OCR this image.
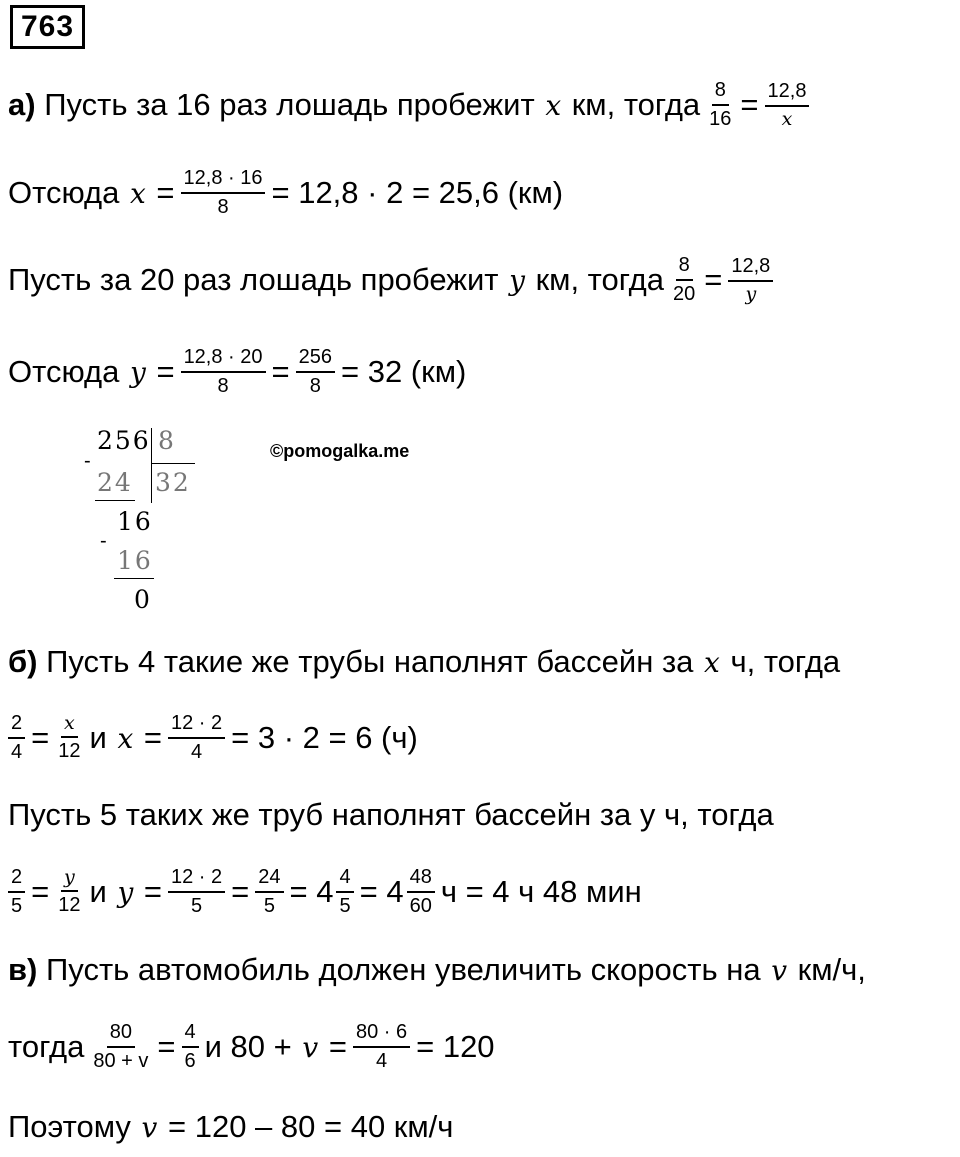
763
а)
Пусть за 16 раз лошадь пробежит
x
км, тогда $\frac{8}{16} = \frac{12,8}{x}$
Отсюда
x
= $\frac{12,8 \cdot 16}{8} = 12,8 \cdot 2 = 25,6$ (км)
Пусть за 20 раз лошадь пробежит
y
км, тогда $\frac{8}{20} = \frac{12,8}{y}$
Отсюда
y
= $\frac{12,8 \cdot 20}{8} = \frac{256}{8} = 32$ (км)
256 8
32
-
24
16
-
16
0
©pomogalka.me
б)
Пусть 4 такие же трубы наполнят бассейн за
x
ч, тогда
$\frac{2}{4} = \frac{x}{12}$ и
x
= $\frac{12 \cdot 2}{4} = 3 \cdot 2 = 6$ (ч)
Пусть 5 таких же труб наполнят бассейн за у ч, тогда
$\frac{2}{5} = \frac{y}{12}$ и
y
= $\frac{12 \cdot 2}{5} = \frac{24}{5} = 4 \frac{4}{5} = 4 \frac{48}{60}$ ч = 4 ч 48 мин
в)
Пусть автомобиль должен увеличить скорость на
v
км/ч,
тогда $\frac{80}{80 + v} = \frac{4}{6}$ и 80 +
v
= $\frac{80 \cdot 6}{4} = 120$
Поэтому
v
= 120 – 80 = 40 км/ч
